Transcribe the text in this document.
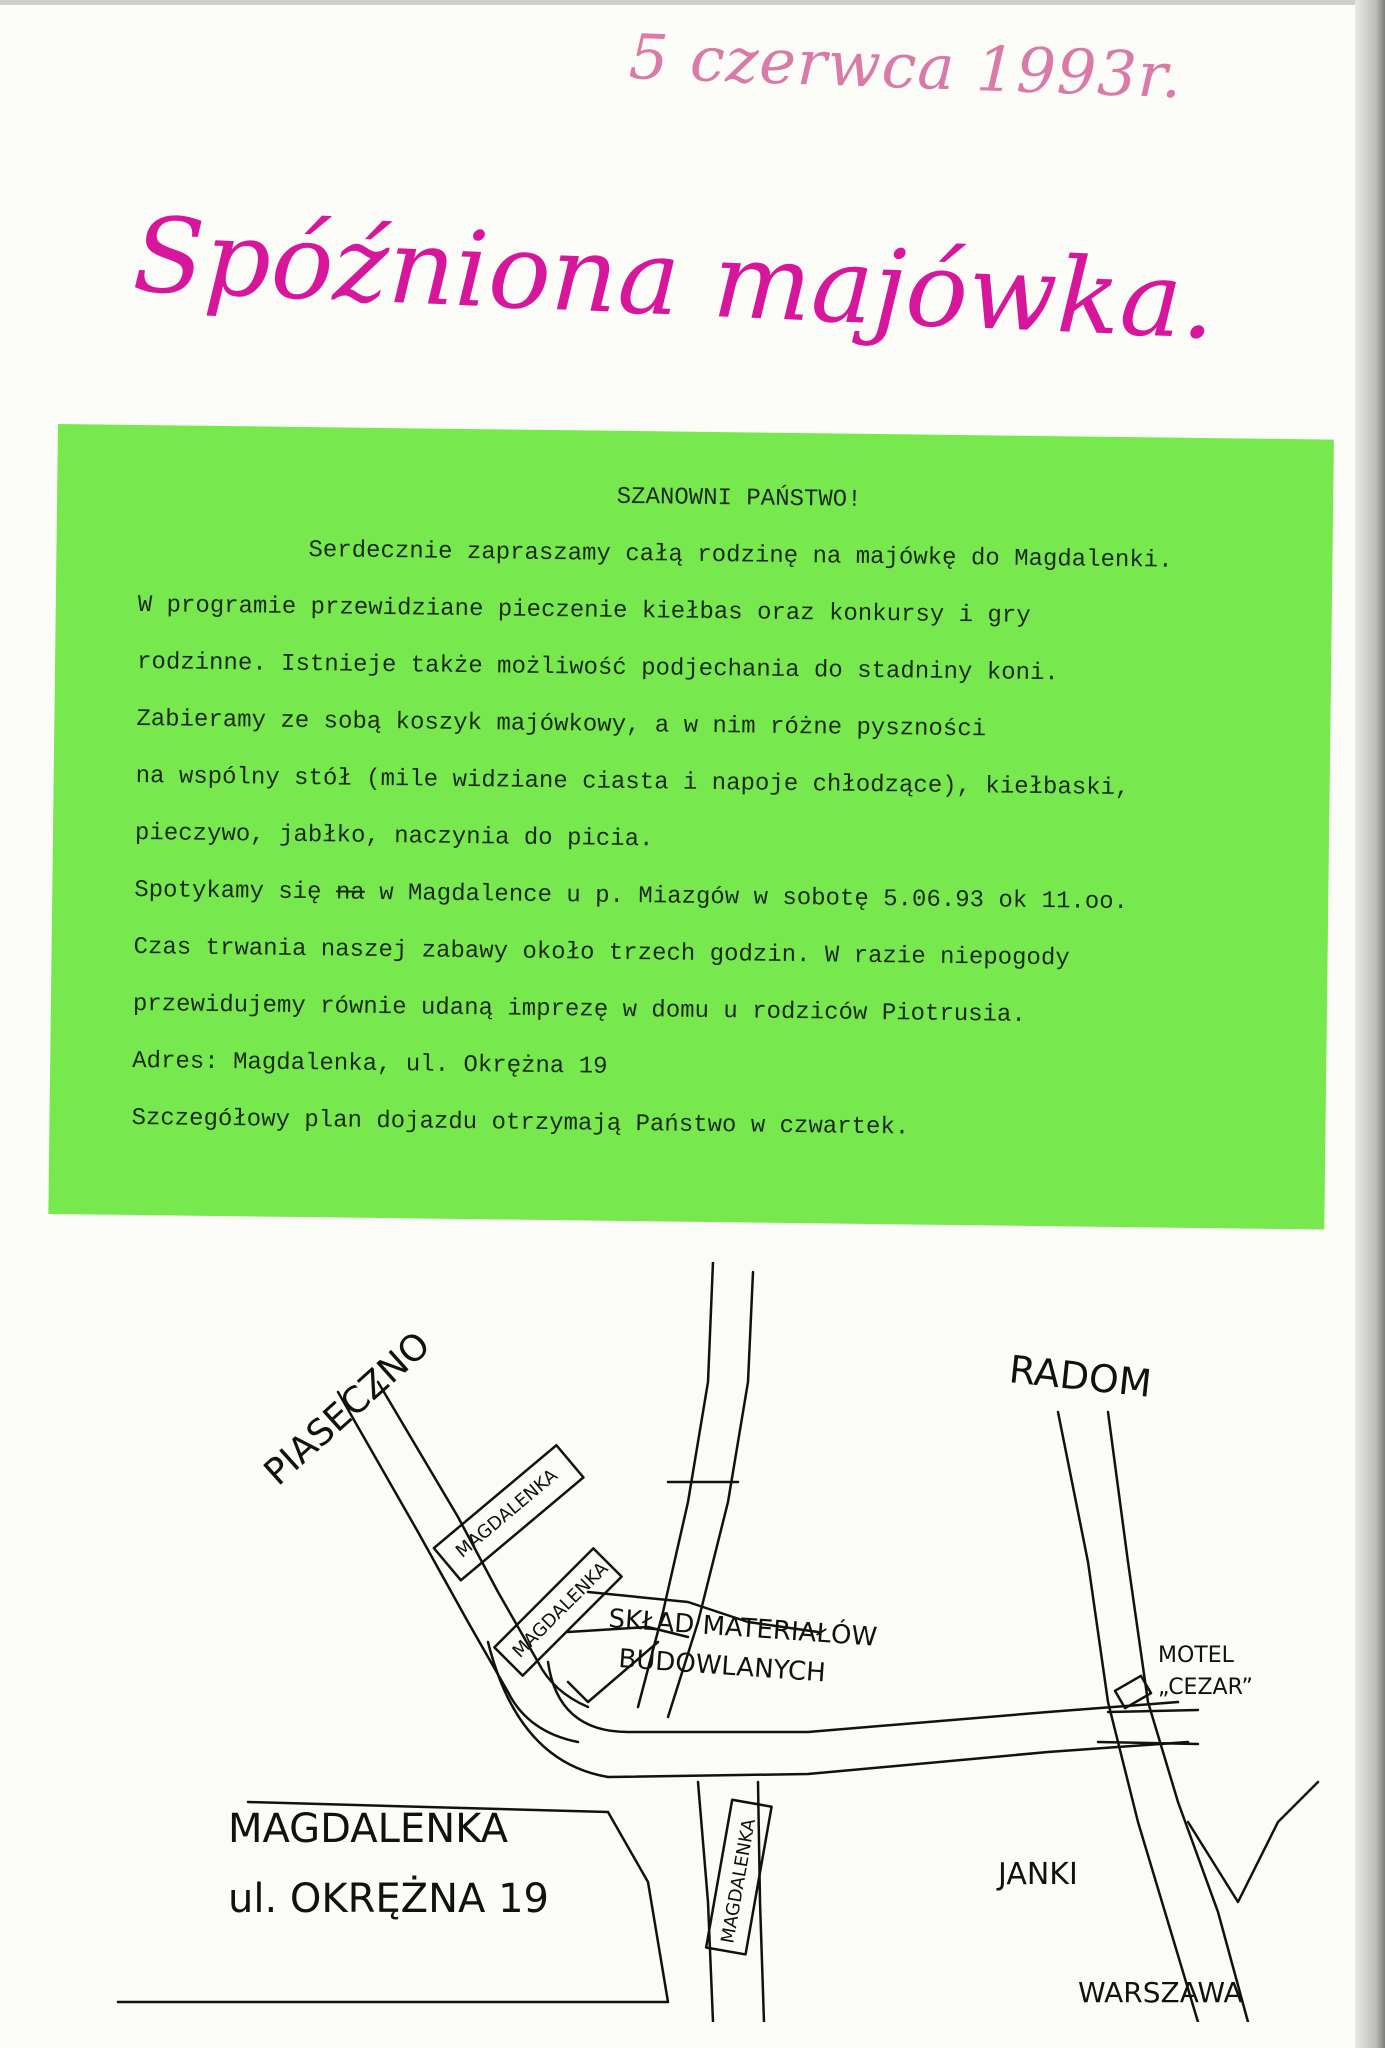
5 czerwca 1993r.
Spóźniona majówka.
SZANOWNI PAŃSTWO!
Serdecznie zapraszamy całą rodzinę na majówkę do Magdalenki.
W programie przewidziane pieczenie kiełbas oraz konkursy i gry
rodzinne. Istnieje także możliwość podjechania do stadniny koni.
Zabieramy ze sobą koszyk majówkowy, a w nim różne pyszności
na wspólny stół (mile widziane ciasta i napoje chłodzące), kiełbaski,
pieczywo, jabłko, naczynia do picia.
Spotykamy się na w Magdalence u p. Miazgów w sobotę 5.06.93 ok 11.oo.
Czas trwania naszej zabawy około trzech godzin. W razie niepogody
przewidujemy równie udaną imprezę w domu u rodziców Piotrusia.
Adres: Magdalenka, ul. Okrężna 19
Szczegółowy plan dojazdu otrzymają Państwo w czwartek.
PIASECZNO	RADOM
MAGDALENKA
MAGDALENKA
MAGDALENKA
SKŁAD MATERIAŁÓW
BUDOWLANYCH	MOTEL
„CEZAR”
MAGDALENKA
ul. OKRĘŻNA 19
JANKI
WARSZAWA
